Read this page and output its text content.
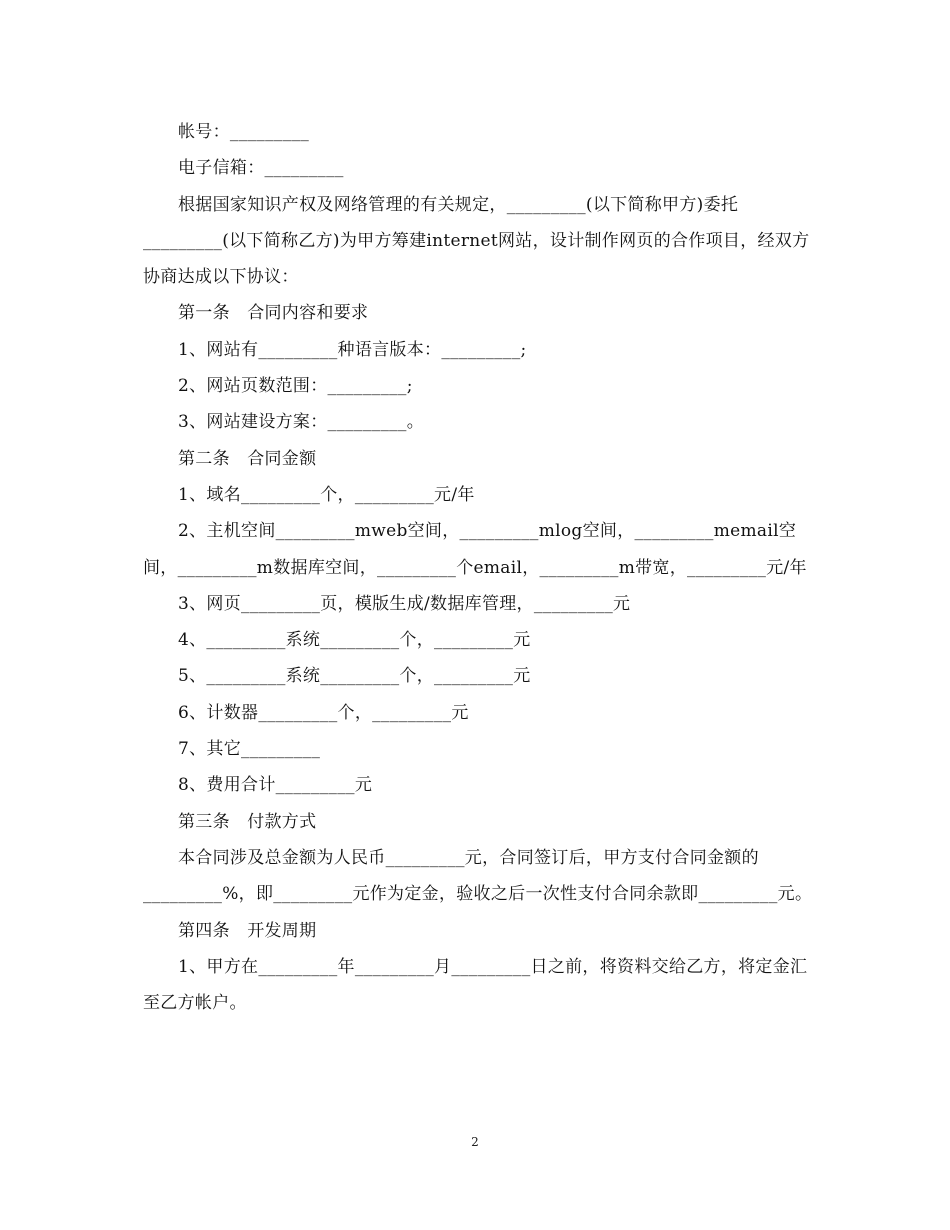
帐号：_________

电子信箱：_________

根据国家知识产权及网络管理的有关规定，_________(以下简称甲方)委托_________(以下简称乙方)为甲方筹建internet网站，设计制作网页的合作项目，经双方协商达成以下协议：

第一条　合同内容和要求

1、网站有_________种语言版本：_________;

2、网站页数范围：_________;

3、网站建设方案：_________。

第二条　合同金额

1、域名_________个，_________元/年

2、主机空间_________mweb空间，_________mlog空间，_________memail空间，_________m数据库空间，_________个email，_________m带宽，_________元/年

3、网页_________页，模版生成/数据库管理，_________元

4、_________系统_________个，_________元

5、_________系统_________个，_________元

6、计数器_________个，_________元

7、其它_________

8、费用合计_________元

第三条　付款方式

本合同涉及总金额为人民币_________元，合同签订后，甲方支付合同金额的_________%，即_________元作为定金，验收之后一次性支付合同余款即_________元。

第四条　开发周期

1、甲方在_________年_________月_________日之前，将资料交给乙方，将定金汇至乙方帐户。

2
